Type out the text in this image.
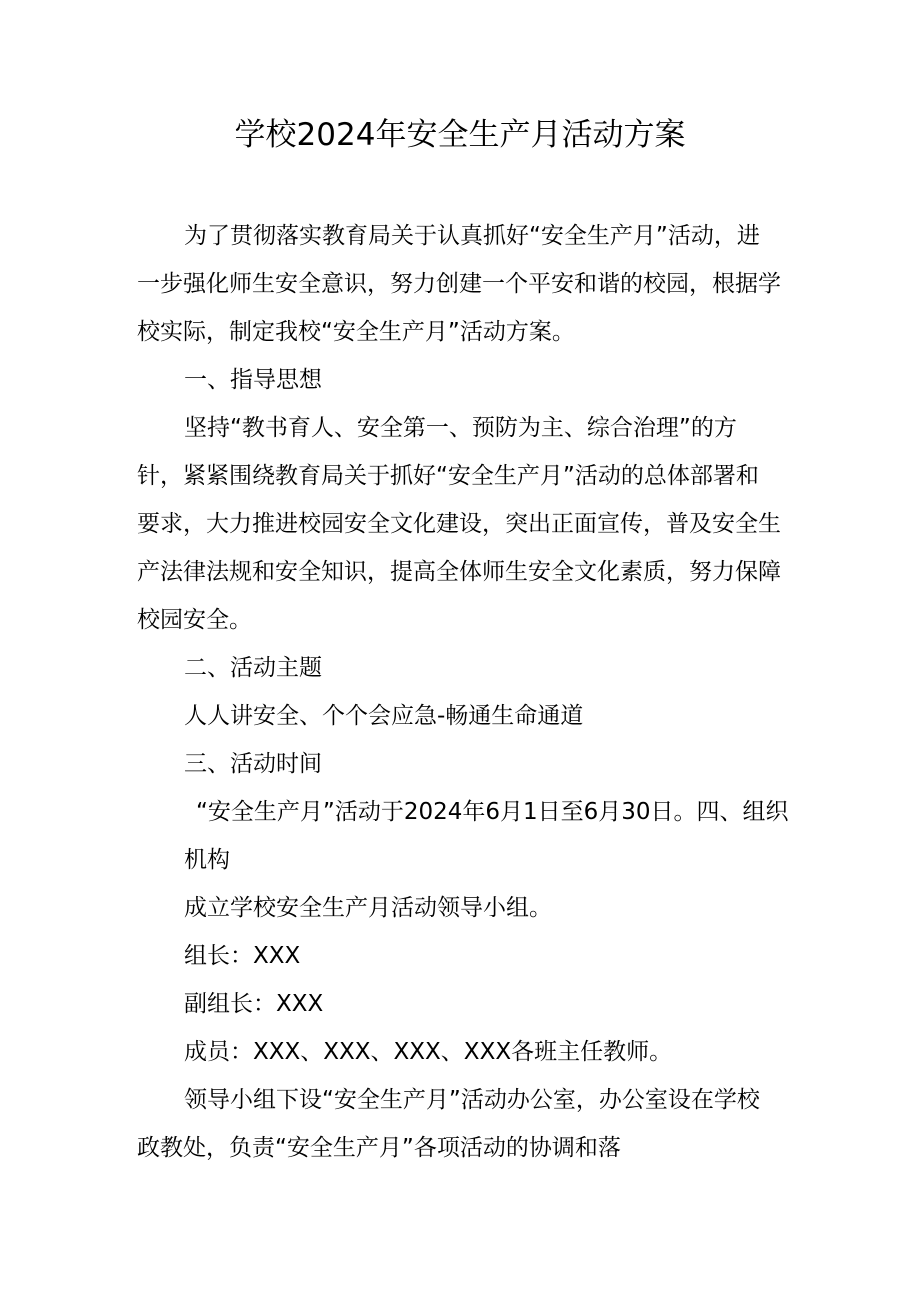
学校2024年安全生产月活动方案
为了贯彻落实教育局关于认真抓好“安全生产月”活动，进
一步强化师生安全意识，努力创建一个平安和谐的校园，根据学
校实际，制定我校“安全生产月”活动方案。
一、指导思想
坚持“教书育人、安全第一、预防为主、综合治理”的方
针，紧紧围绕教育局关于抓好“安全生产月”活动的总体部署和
要求，大力推进校园安全文化建设，突出正面宣传，普及安全生
产法律法规和安全知识，提高全体师生安全文化素质，努力保障
校园安全。
二、活动主题
人人讲安全、个个会应急-畅通生命通道
三、活动时间
“安全生产月”活动于2024年6月1日至6月30日。四、组织
机构
成立学校安全生产月活动领导小组。
组长：XXX
副组长：XXX
成员：XXX、XXX、XXX、XXX各班主任教师。
领导小组下设“安全生产月”活动办公室，办公室设在学校
政教处，负责“安全生产月”各项活动的协调和落
